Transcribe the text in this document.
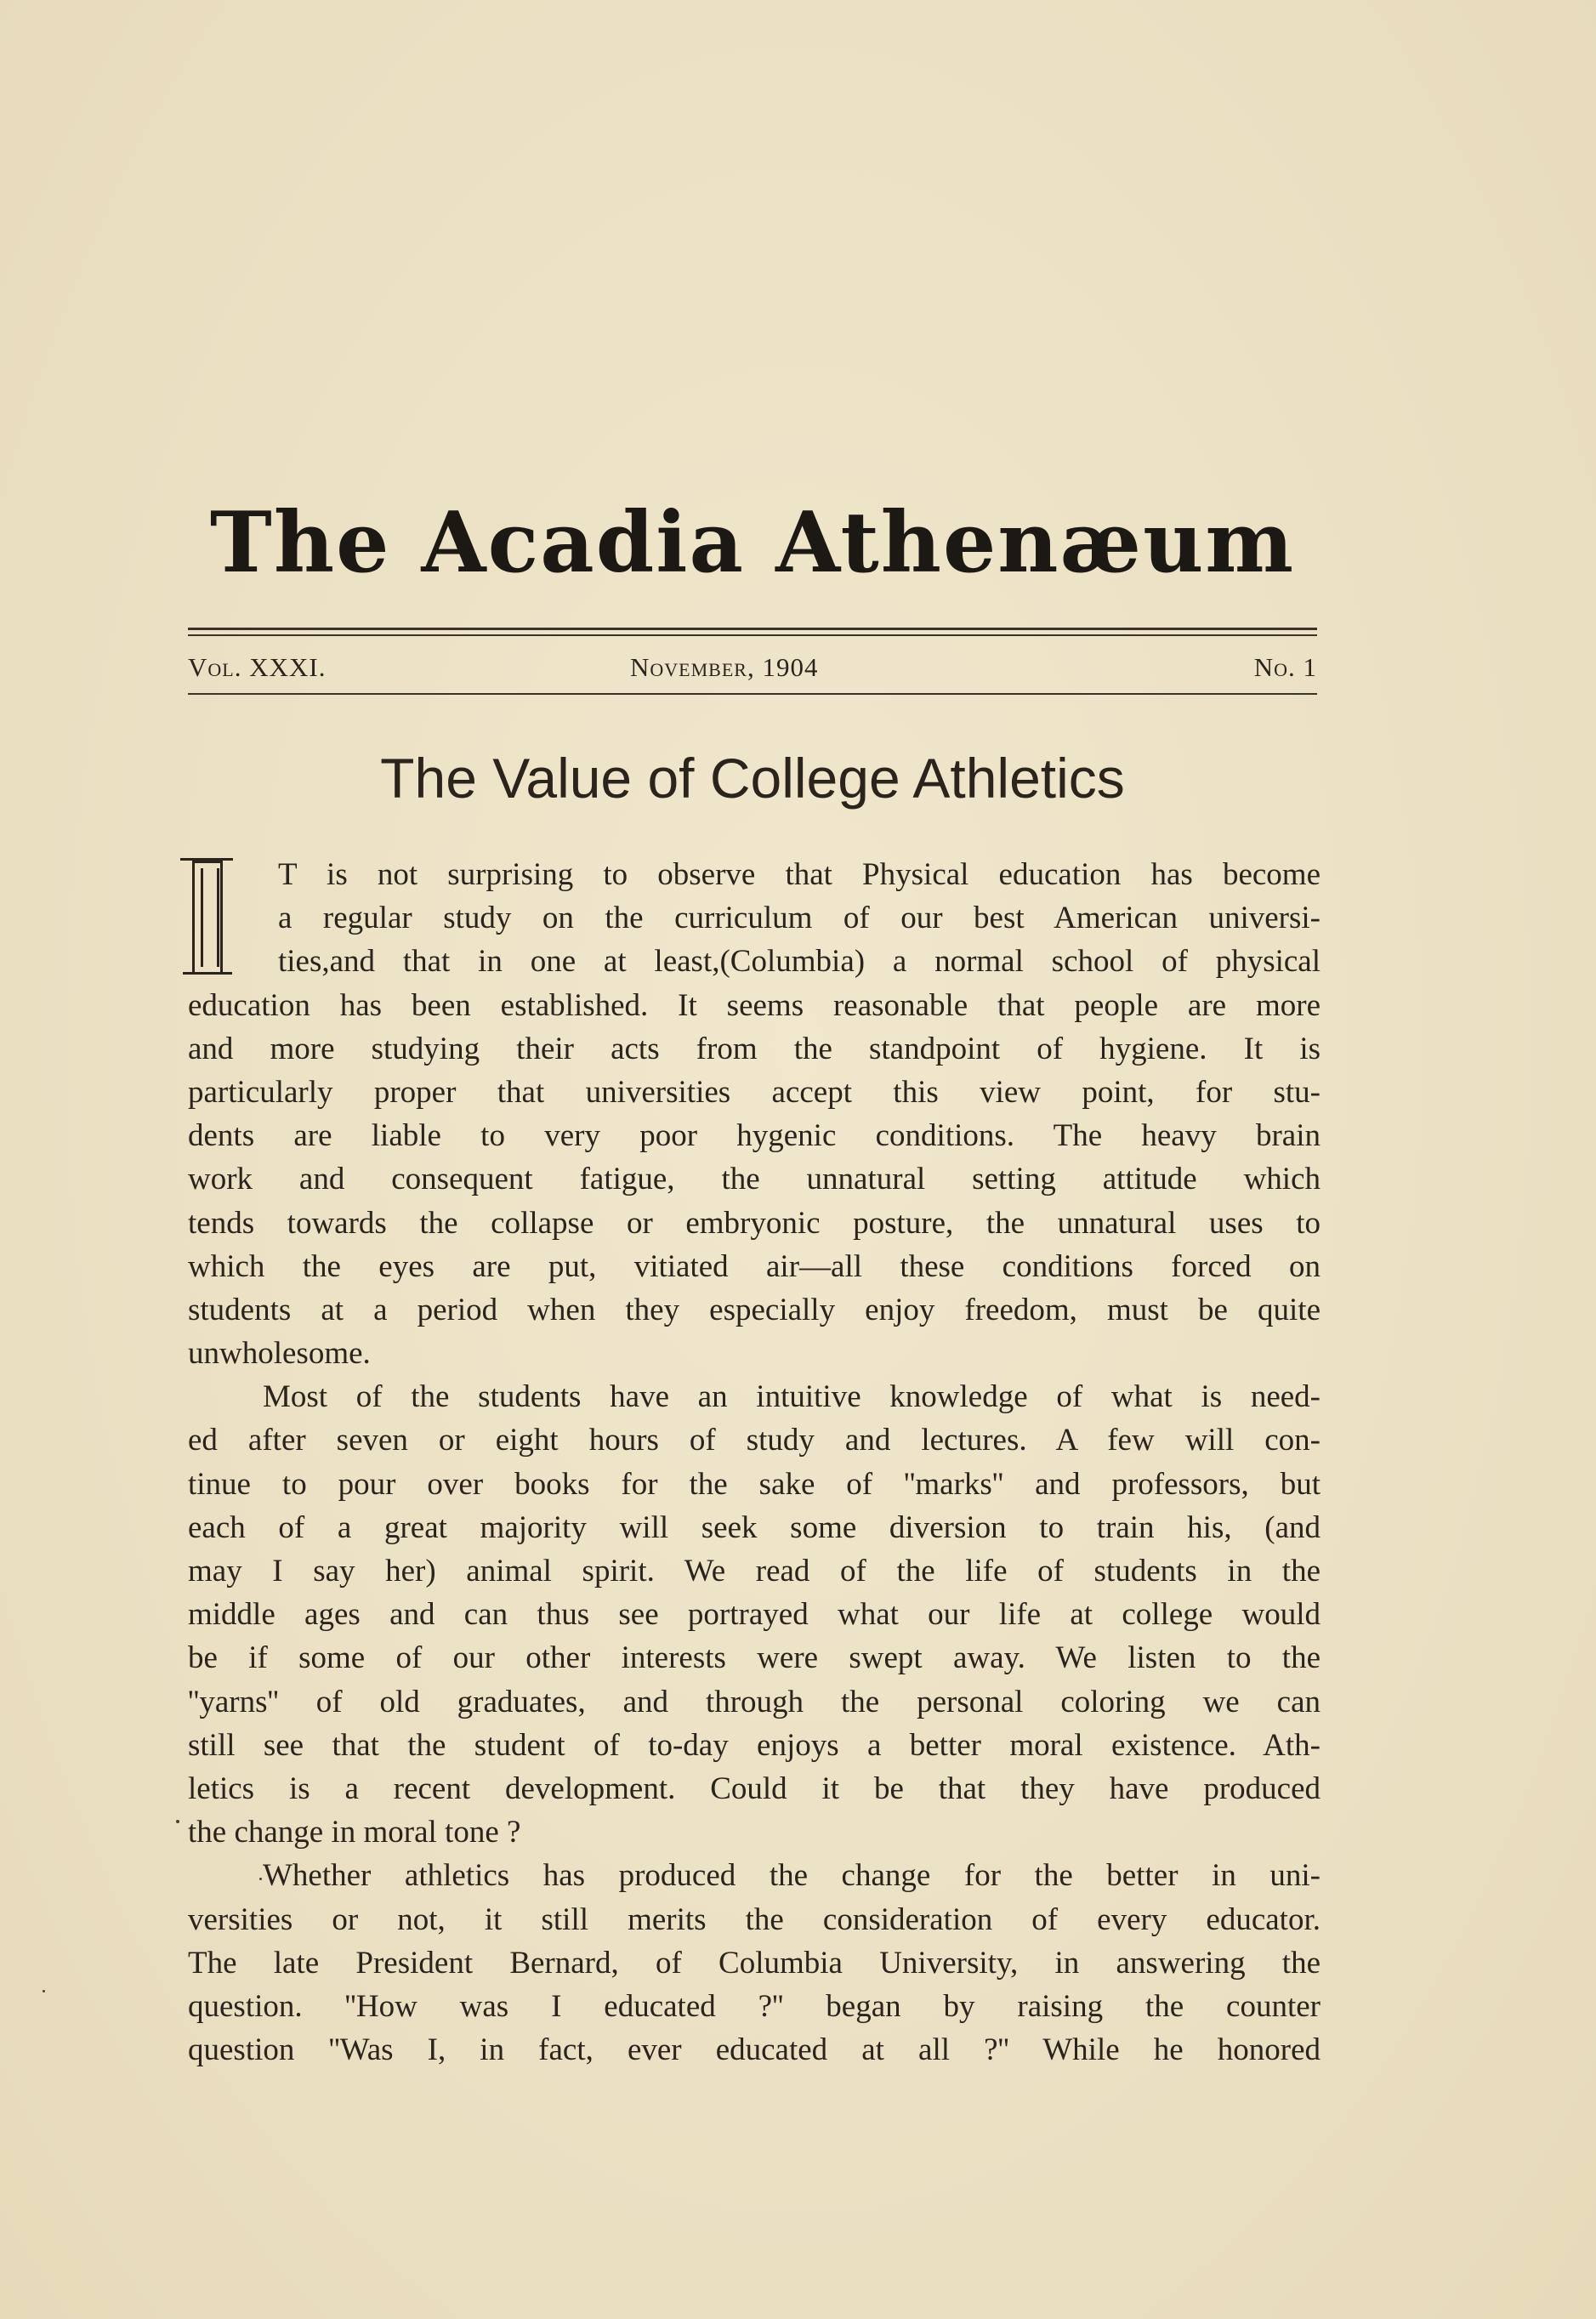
The Acadia Athenæum
Vol. XXXI.	November, 1904	No. 1
The Value of College Athletics

T is not surprising to observe that Physical education has become
a regular study on the curriculum of our best American universi-
ties,and that in one at least,(Columbia) a normal school of physical
education has been established. It seems reasonable that people are more
and more studying their acts from the standpoint of hygiene. It is
particularly proper that universities accept this view point, for stu-
dents are liable to very poor hygenic conditions. The heavy brain
work and consequent fatigue, the unnatural setting attitude which
tends towards the collapse or embryonic posture, the unnatural uses to
which the eyes are put, vitiated air—all these conditions forced on
students at a period when they especially enjoy freedom, must be quite
unwholesome.

Most of the students have an intuitive knowledge of what is need-
ed after seven or eight hours of study and lectures. A few will con-
tinue to pour over books for the sake of ''marks'' and professors, but
each of a great majority will seek some diversion to train his, (and
may I say her) animal spirit. We read of the life of students in the
middle ages and can thus see portrayed what our life at college would
be if some of our other interests were swept away. We listen to the
''yarns'' of old graduates, and through the personal coloring we can
still see that the student of to-day enjoys a better moral existence. Ath-
letics is a recent development. Could it be that they have produced
the change in moral tone ?

Whether athletics has produced the change for the better in uni-
versities or not, it still merits the consideration of every educator.
The late President Bernard, of Columbia University, in answering the
question. ''How was I educated ?'' began by raising the counter
question ''Was I, in fact, ever educated at all ?'' While he honored
